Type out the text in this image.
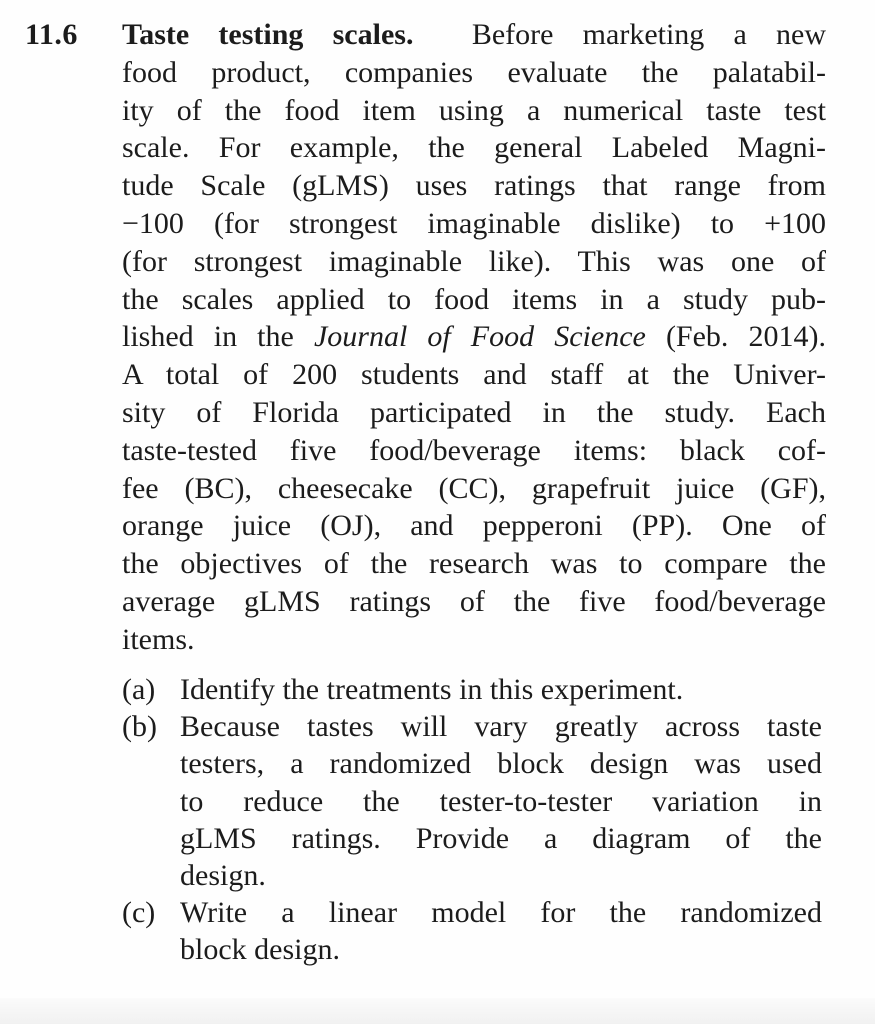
11.6 Taste testing scales. Before marketing a new
food product, companies evaluate the palatabil-
ity of the food item using a numerical taste test
scale. For example, the general Labeled Magni-
tude Scale (gLMS) uses ratings that range from
−100 (for strongest imaginable dislike) to +100
(for strongest imaginable like). This was one of
the scales applied to food items in a study pub-
lished in the Journal of Food Science (Feb. 2014).
A total of 200 students and staff at the Univer-
sity of Florida participated in the study. Each
taste-tested five food/beverage items: black cof-
fee (BC), cheesecake (CC), grapefruit juice (GF),
orange juice (OJ), and pepperoni (PP). One of
the objectives of the research was to compare the
average gLMS ratings of the five food/beverage
items.
(a) Identify the treatments in this experiment.
(b) Because tastes will vary greatly across taste
testers, a randomized block design was used
to reduce the tester-to-tester variation in
gLMS ratings. Provide a diagram of the
design.
(c) Write a linear model for the randomized
block design.
